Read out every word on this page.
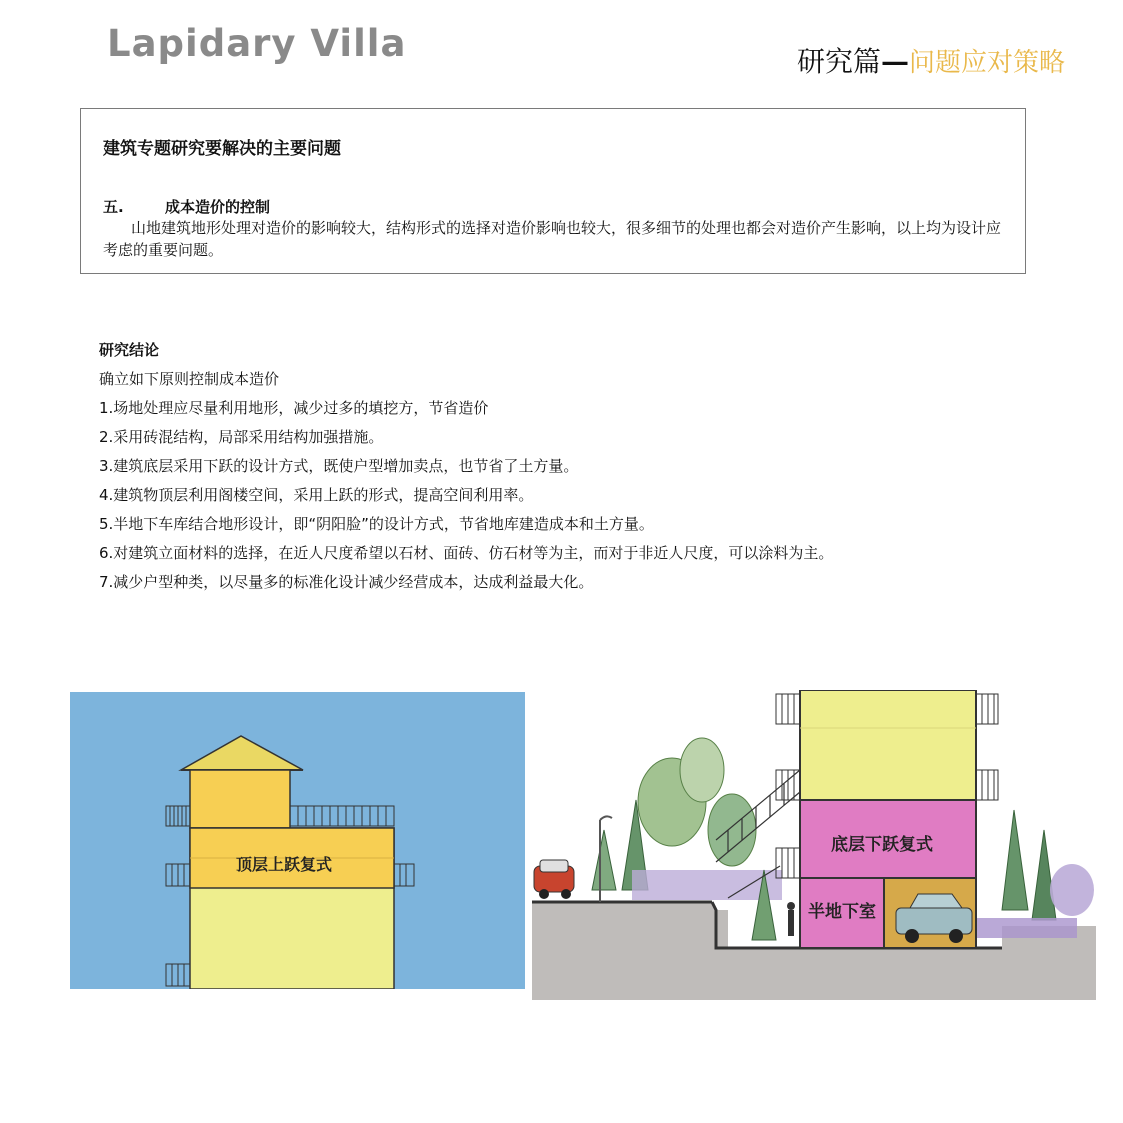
Lapidary Villa	研究篇—问题应对策略
建筑专题研究要解决的主要问题
五.	成本造价的控制
山地建筑地形处理对造价的影响较大，结构形式的选择对造价影响也较大，很多细节的处理也都会对造价产生影响，以上均为设计应考虑的重要问题。
研究结论
确立如下原则控制成本造价
1.场地处理应尽量利用地形，减少过多的填挖方，节省造价
2.采用砖混结构，局部采用结构加强措施。
3.建筑底层采用下跃的设计方式，既使户型增加卖点，也节省了土方量。
4.建筑物顶层利用阁楼空间，采用上跃的形式，提高空间利用率。
5.半地下车库结合地形设计，即“阴阳脸”的设计方式，节省地库建造成本和土方量。
6.对建筑立面材料的选择，在近人尺度希望以石材、面砖、仿石材等为主，而对于非近人尺度，可以涂料为主。
7.减少户型种类，以尽量多的标准化设计减少经营成本，达成利益最大化。
顶层上跃复式
底层下跃复式
半地下室
